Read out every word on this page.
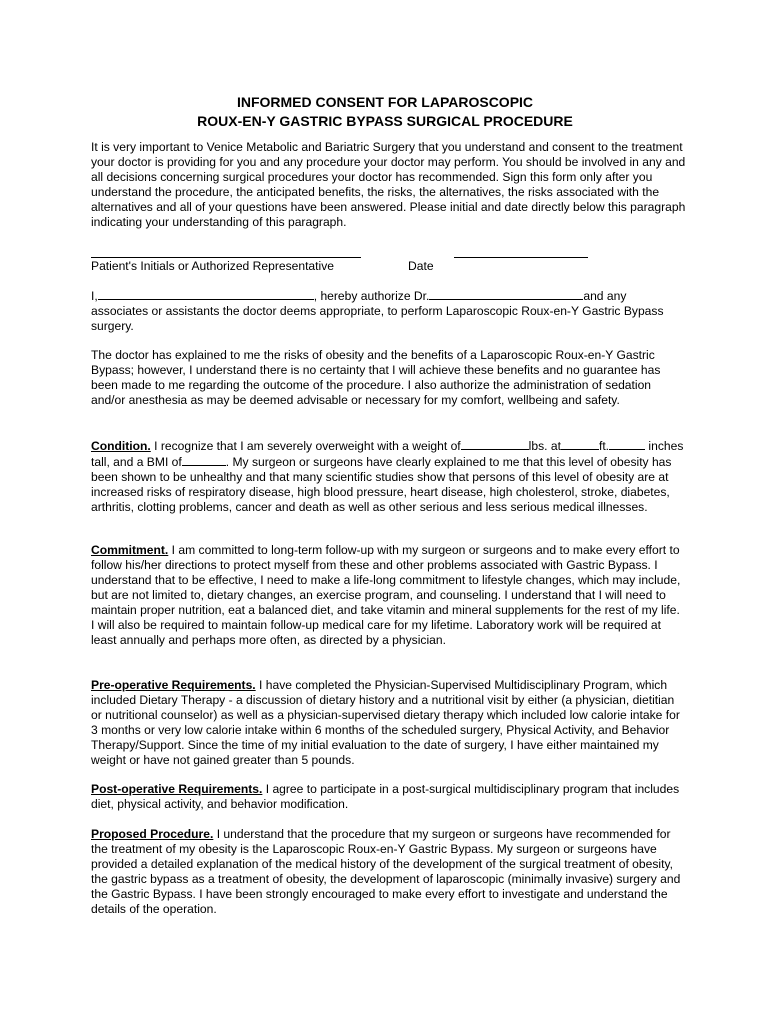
INFORMED CONSENT FOR LAPAROSCOPIC
ROUX-EN-Y GASTRIC BYPASS SURGICAL PROCEDURE
It is very important to Venice Metabolic and Bariatric Surgery that you understand and consent to the treatment your doctor is providing for you and any procedure your doctor may perform. You should be involved in any and all decisions concerning surgical procedures your doctor has recommended. Sign this form only after you understand the procedure, the anticipated benefits, the risks, the alternatives, the risks associated with the alternatives and all of your questions have been answered. Please initial and date directly below this paragraph indicating your understanding of this paragraph.
Patient's Initials or Authorized Representative	Date
I,	, hereby authorize Dr.	and any associates or assistants the doctor deems appropriate, to perform Laparoscopic Roux-en-Y Gastric Bypass surgery.
The doctor has explained to me the risks of obesity and the benefits of a Laparoscopic Roux-en-Y Gastric Bypass; however, I understand there is no certainty that I will achieve these benefits and no guarantee has been made to me regarding the outcome of the procedure. I also authorize the administration of sedation and/or anesthesia as may be deemed advisable or necessary for my comfort, wellbeing and safety.
Condition. I recognize that I am severely overweight with a weight of	lbs. at	ft.	inches tall, and a BMI of	. My surgeon or surgeons have clearly explained to me that this level of obesity has been shown to be unhealthy and that many scientific studies show that persons of this level of obesity are at increased risks of respiratory disease, high blood pressure, heart disease, high cholesterol, stroke, diabetes, arthritis, clotting problems, cancer and death as well as other serious and less serious medical illnesses.
Commitment. I am committed to long-term follow-up with my surgeon or surgeons and to make every effort to follow his/her directions to protect myself from these and other problems associated with Gastric Bypass. I understand that to be effective, I need to make a life-long commitment to lifestyle changes, which may include, but are not limited to, dietary changes, an exercise program, and counseling. I understand that I will need to maintain proper nutrition, eat a balanced diet, and take vitamin and mineral supplements for the rest of my life. I will also be required to maintain follow-up medical care for my lifetime. Laboratory work will be required at least annually and perhaps more often, as directed by a physician.
Pre-operative Requirements. I have completed the Physician-Supervised Multidisciplinary Program, which included Dietary Therapy - a discussion of dietary history and a nutritional visit by either (a physician, dietitian or nutritional counselor) as well as a physician-supervised dietary therapy which included low calorie intake for 3 months or very low calorie intake within 6 months of the scheduled surgery, Physical Activity, and Behavior Therapy/Support. Since the time of my initial evaluation to the date of surgery, I have either maintained my weight or have not gained greater than 5 pounds.
Post-operative Requirements. I agree to participate in a post-surgical multidisciplinary program that includes diet, physical activity, and behavior modification.
Proposed Procedure. I understand that the procedure that my surgeon or surgeons have recommended for the treatment of my obesity is the Laparoscopic Roux-en-Y Gastric Bypass. My surgeon or surgeons have provided a detailed explanation of the medical history of the development of the surgical treatment of obesity, the gastric bypass as a treatment of obesity, the development of laparoscopic (minimally invasive) surgery and the Gastric Bypass. I have been strongly encouraged to make every effort to investigate and understand the details of the operation.
